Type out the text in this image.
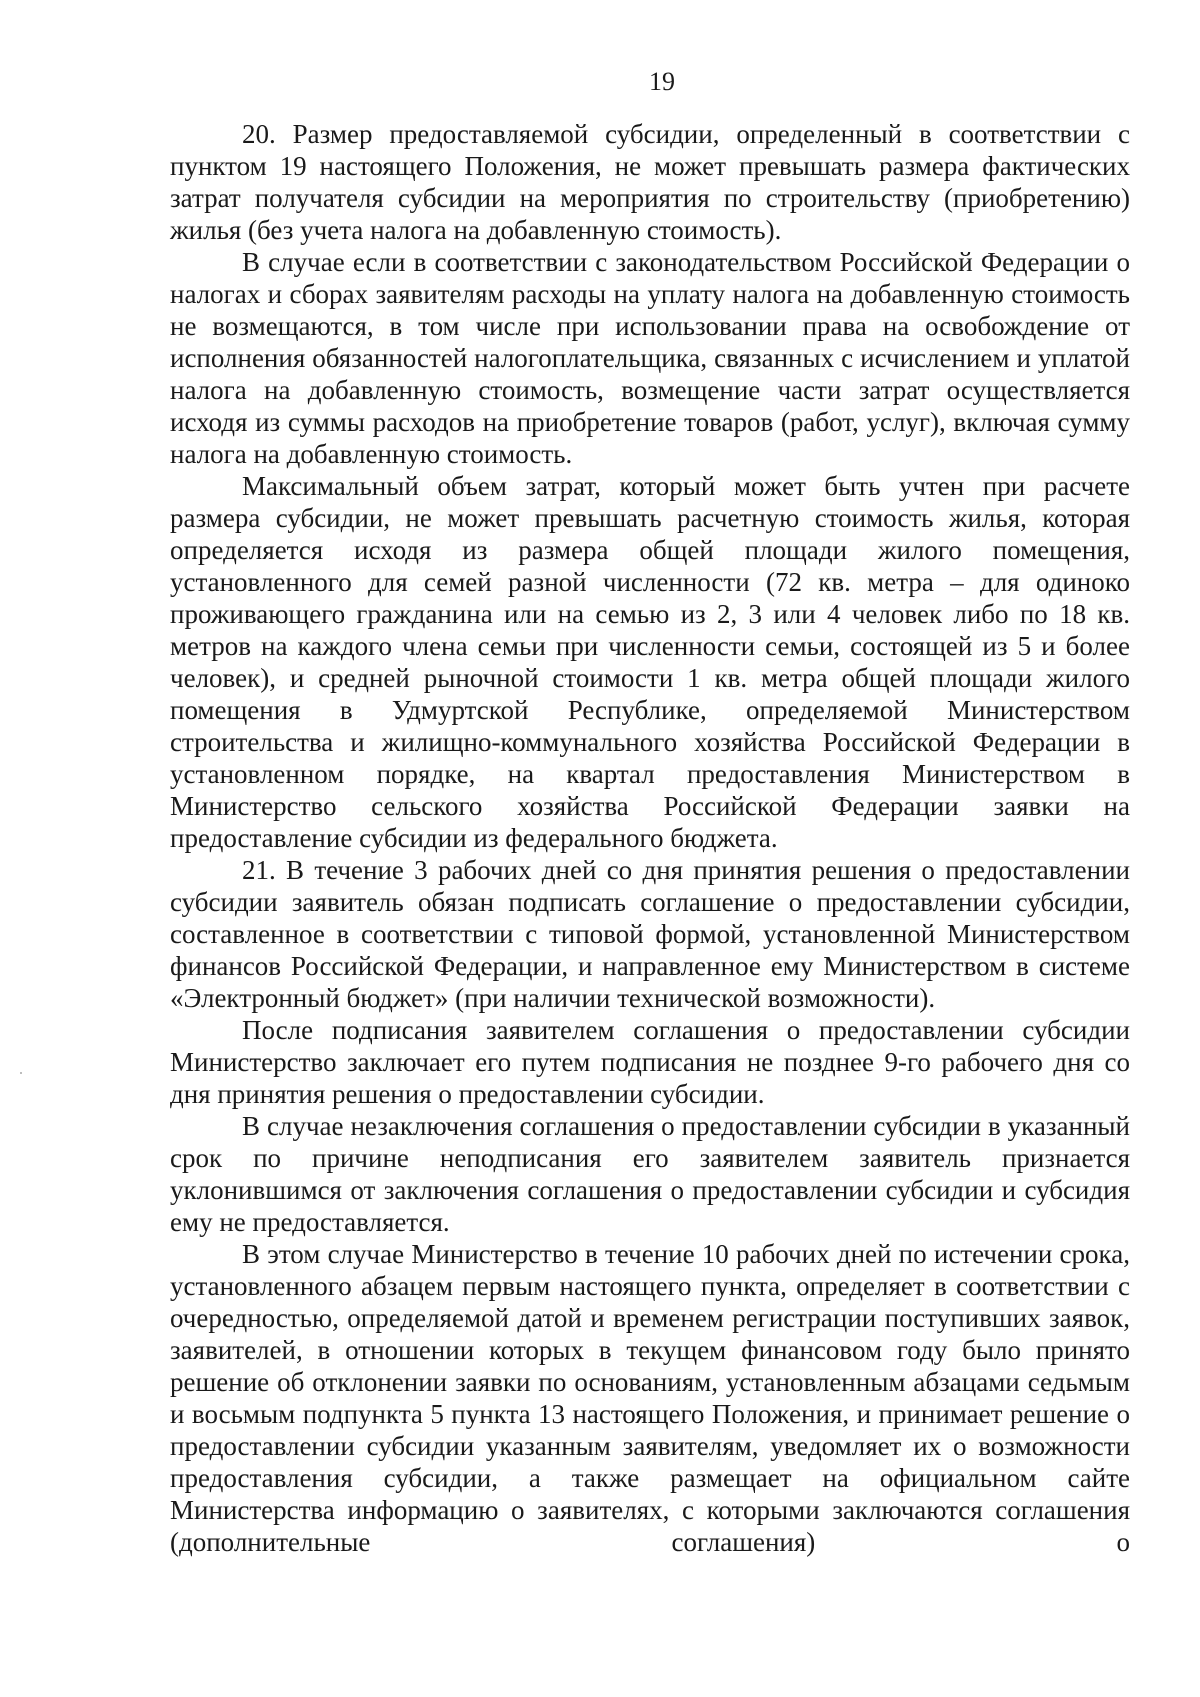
19

20. Размер предоставляемой субсидии, определенный в соответствии с пунктом 19 настоящего Положения, не может превышать размера фактических затрат получателя субсидии на мероприятия по строительству (приобретению) жилья (без учета налога на добавленную стоимость).

В случае если в соответствии с законодательством Российской Федерации о налогах и сборах заявителям расходы на уплату налога на добавленную стоимость не возмещаются, в том числе при использовании права на освобождение от исполнения обязанностей налогоплательщика, связанных с исчислением и уплатой налога на добавленную стоимость, возмещение части затрат осуществляется исходя из суммы расходов на приобретение товаров (работ, услуг), включая сумму налога на добавленную стоимость.

Максимальный объем затрат, который может быть учтен при расчете размера субсидии, не может превышать расчетную стоимость жилья, которая определяется исходя из размера общей площади жилого помещения, установленного для семей разной численности (72 кв. метра – для одиноко проживающего гражданина или на семью из 2, 3 или 4 человек либо по 18 кв. метров на каждого члена семьи при численности семьи, состоящей из 5 и более человек), и средней рыночной стоимости 1 кв. метра общей площади жилого помещения в Удмуртской Республике, определяемой Министерством строительства и жилищно-коммунального хозяйства Российской Федерации в установленном порядке, на квартал предоставления Министерством в Министерство сельского хозяйства Российской Федерации заявки на предоставление субсидии из федерального бюджета.

21. В течение 3 рабочих дней со дня принятия решения о предоставлении субсидии заявитель обязан подписать соглашение о предоставлении субсидии, составленное в соответствии с типовой формой, установленной Министерством финансов Российской Федерации, и направленное ему Министерством в системе «Электронный бюджет» (при наличии технической возможности).

После подписания заявителем соглашения о предоставлении субсидии Министерство заключает его путем подписания не позднее 9-го рабочего дня со дня принятия решения о предоставлении субсидии.

В случае незаключения соглашения о предоставлении субсидии в указанный срок по причине неподписания его заявителем заявитель признается уклонившимся от заключения соглашения о предоставлении субсидии и субсидия ему не предоставляется.

В этом случае Министерство в течение 10 рабочих дней по истечении срока, установленного абзацем первым настоящего пункта, определяет в соответствии с очередностью, определяемой датой и временем регистрации поступивших заявок, заявителей, в отношении которых в текущем финансовом году было принято решение об отклонении заявки по основаниям, установленным абзацами седьмым и восьмым подпункта 5 пункта 13 настоящего Положения, и принимает решение о предоставлении субсидии указанным заявителям, уведомляет их о возможности предоставления субсидии, а также размещает на официальном сайте Министерства информацию о заявителях, с которыми заключаются соглашения (дополнительные соглашения) о
